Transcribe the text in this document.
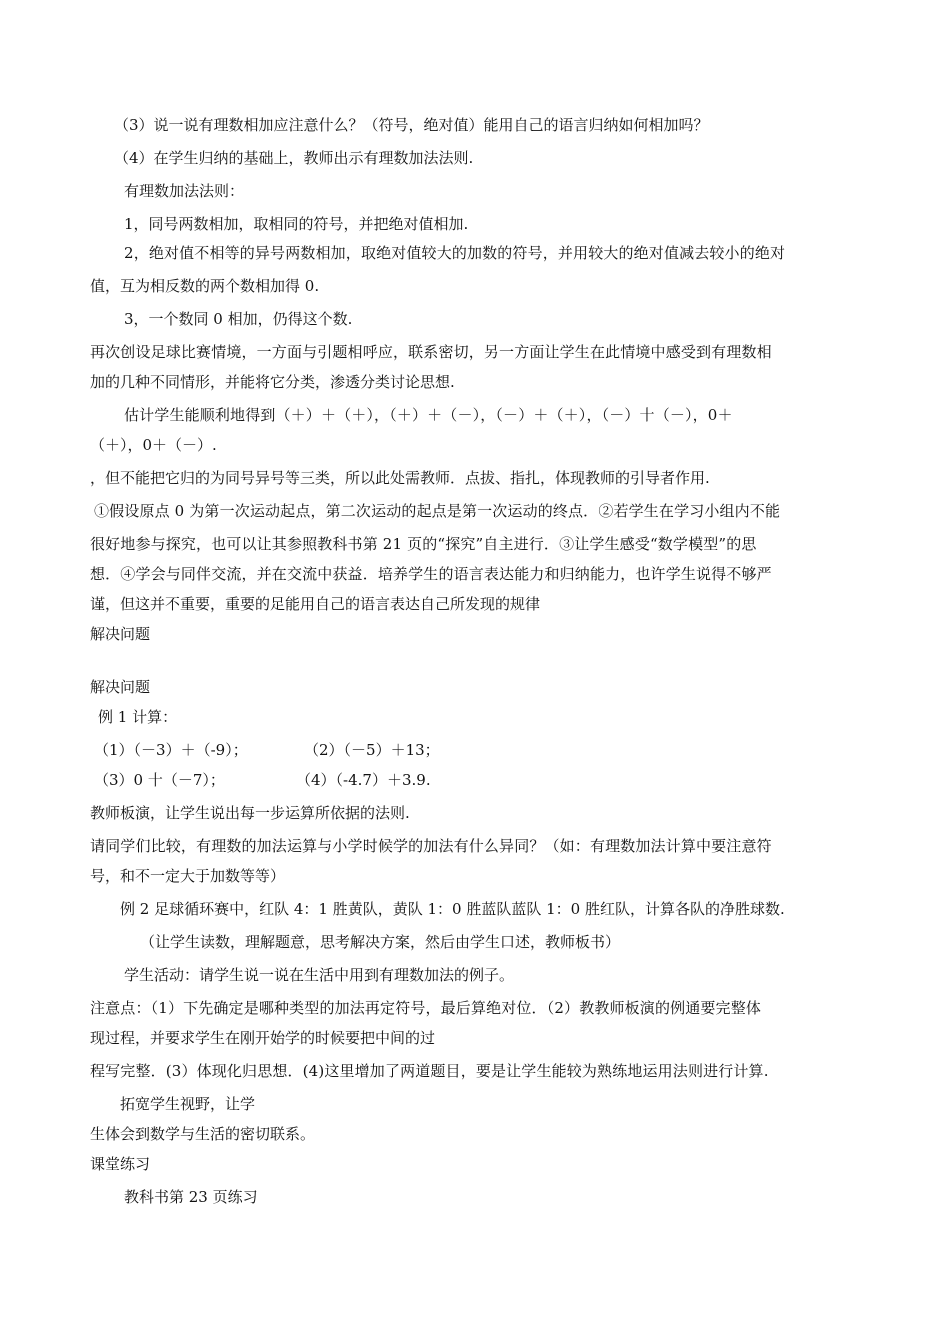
（3）说一说有理数相加应注意什么？（符号，绝对值）能用自己的语言归纳如何相加吗？
（4）在学生归纳的基础上，教师出示有理数加法法则.
有理数加法法则：
1，同号两数相加，取相同的符号，并把绝对值相加.
2，绝对值不相等的异号两数相加，取绝对值较大的加数的符号，并用较大的绝对值减去较小的绝对
值，互为相反数的两个数相加得 0.
3，一个数同 0 相加，仍得这个数.
再次创设足球比赛情境，一方面与引题相呼应，联系密切，另一方面让学生在此情境中感受到有理数相
加的几种不同情形，并能将它分类，渗透分类讨论思想.
估计学生能顺利地得到（＋）＋（＋），（＋）＋（－），（－）＋（＋），（－）十（－），0＋
（＋），0＋（－）.
，但不能把它归的为同号异号等三类，所以此处需教师．点拔、指扎，体现教师的引导者作用.
①假设原点 0 为第一次运动起点，第二次运动的起点是第一次运动的终点．②若学生在学习小组内不能
很好地参与探究，也可以让其参照教科书第 21 页的“探究”自主进行．③让学生感受“数学模型”的思
想．④学会与同伴交流，并在交流中获益．培养学生的语言表达能力和归纳能力，也许学生说得不够严
谨，但这并不重要，重要的足能用自己的语言表达自己所发现的规律
解决问题
解决问题
例 1 计算：
（1）（－3）＋（-9）；	（2）（－5）＋13；
（3）0 十（－7）；	（4）（-4.7）＋3.9.
教师板演，让学生说出每一步运算所依据的法则.
请同学们比较，有理数的加法运算与小学时候学的加法有什么异同？（如：有理数加法计算中要注意符
号，和不一定大于加数等等）
例 2 足球循环赛中，红队 4：1 胜黄队，黄队 1：0 胜蓝队蓝队 1：0 胜红队，计算各队的净胜球数.
（让学生读数，理解题意，思考解决方案，然后由学生口述，教师板书）
学生活动：请学生说一说在生活中用到有理数加法的例子。
注意点：（1）下先确定是哪种类型的加法再定符号，最后算绝对位．（2）教教师板演的例通要完整体
现过程，并要求学生在刚开始学的时候要把中间的过
程写完整．(3）体现化归思想．(4)这里增加了两道题目，要是让学生能较为熟练地运用法则进行计算.
拓宽学生视野，让学
生体会到数学与生活的密切联系。
课堂练习
教科书第 23 页练习
